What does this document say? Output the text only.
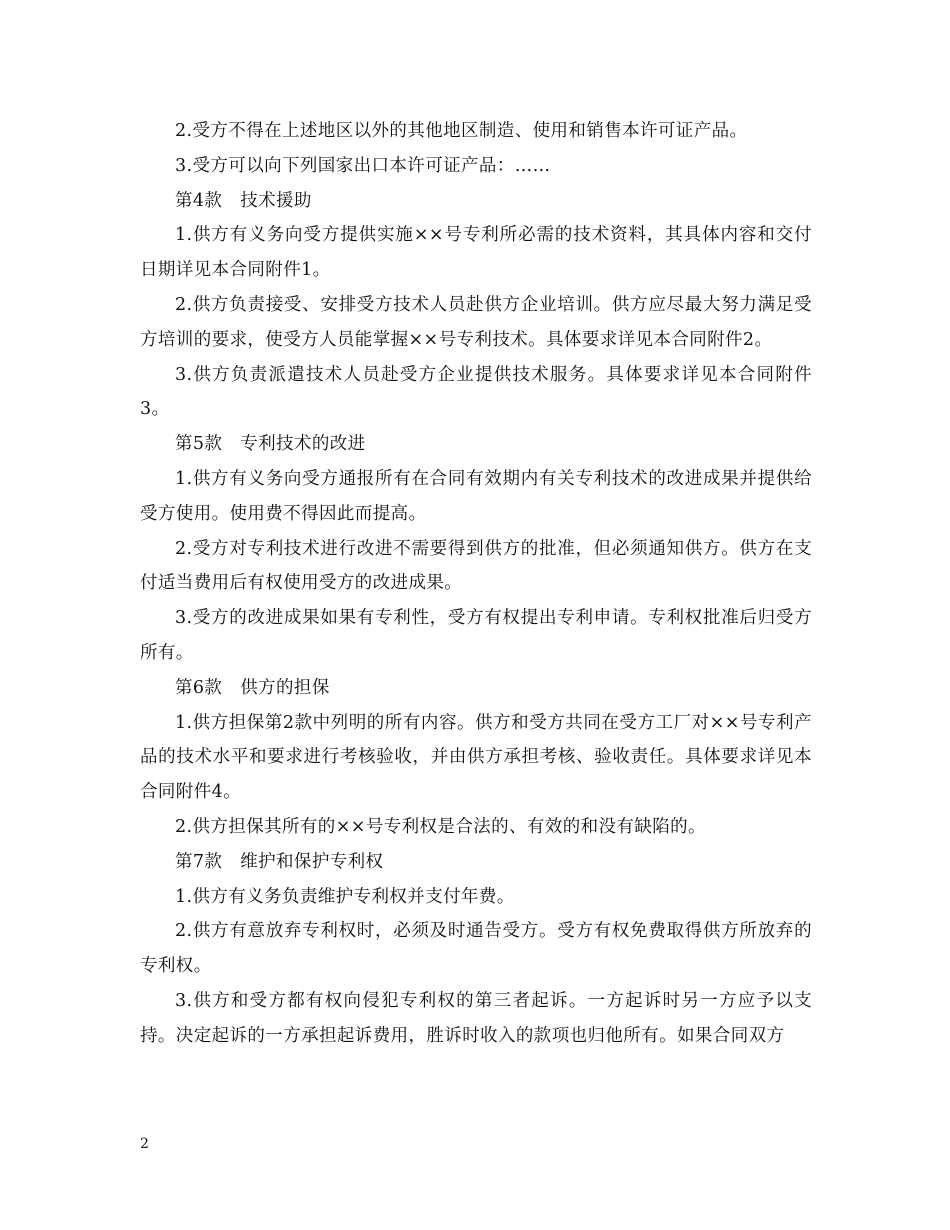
2.受方不得在上述地区以外的其他地区制造、使用和销售本许可证产品。

3.受方可以向下列国家出口本许可证产品：……

第4款　技术援助

1.供方有义务向受方提供实施××号专利所必需的技术资料，其具体内容和交付日期详见本合同附件1。

2.供方负责接受、安排受方技术人员赴供方企业培训。供方应尽最大努力满足受方培训的要求，使受方人员能掌握××号专利技术。具体要求详见本合同附件2。

3.供方负责派遣技术人员赴受方企业提供技术服务。具体要求详见本合同附件3。

第5款　专利技术的改进

1.供方有义务向受方通报所有在合同有效期内有关专利技术的改进成果并提供给受方使用。使用费不得因此而提高。

2.受方对专利技术进行改进不需要得到供方的批准，但必须通知供方。供方在支付适当费用后有权使用受方的改进成果。

3.受方的改进成果如果有专利性，受方有权提出专利申请。专利权批准后归受方所有。

第6款　供方的担保

1.供方担保第2款中列明的所有内容。供方和受方共同在受方工厂对××号专利产品的技术水平和要求进行考核验收，并由供方承担考核、验收责任。具体要求详见本合同附件4。

2.供方担保其所有的××号专利权是合法的、有效的和没有缺陷的。

第7款　维护和保护专利权

1.供方有义务负责维护专利权并支付年费。

2.供方有意放弃专利权时，必须及时通告受方。受方有权免费取得供方所放弃的专利权。

3.供方和受方都有权向侵犯专利权的第三者起诉。一方起诉时另一方应予以支持。决定起诉的一方承担起诉费用，胜诉时收入的款项也归他所有。如果合同双方

2
